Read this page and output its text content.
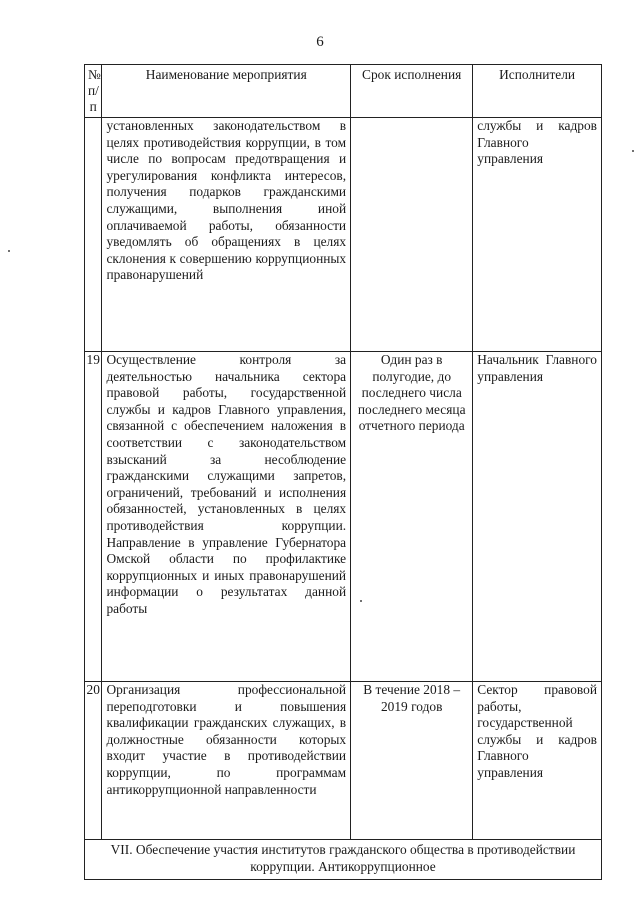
6
№ п/п	Наименование мероприятия	Срок исполнения	Исполнители
	установленных законодательством в целях противодействия коррупции, в том числе по вопросам предотвращения и урегулирования конфликта интересов, получения подарков гражданскими служащими, выполнения иной оплачиваемой работы, обязанности уведомлять об обращениях в целях склонения к совершению коррупционных правонарушений		службы и кадров Главного управления
19	Осуществление контроля за деятельностью начальника сектора правовой работы, государственной службы и кадров Главного управления, связанной с обеспечением наложения в соответствии с законодательством взысканий за несоблюдение гражданскими служащими запретов, ограничений, требований и исполнения обязанностей, установленных в целях противодействия коррупции. Направление в управление Губернатора Омской области по профилактике коррупционных и иных правонарушений информации о результатах данной работы	Один раз в полугодие, до последнего числа последнего месяца отчетного периода	Начальник Главного управления
20	Организация профессиональной переподготовки и повышения квалификации гражданских служащих, в должностные обязанности которых входит участие в противодействии коррупции, по программам антикоррупционной направленности	В течение 2018 – 2019 годов	Сектор правовой работы, государственной службы и кадров Главного управления
VII. Обеспечение участия институтов гражданского общества в противодействии коррупции. Антикоррупционное			
